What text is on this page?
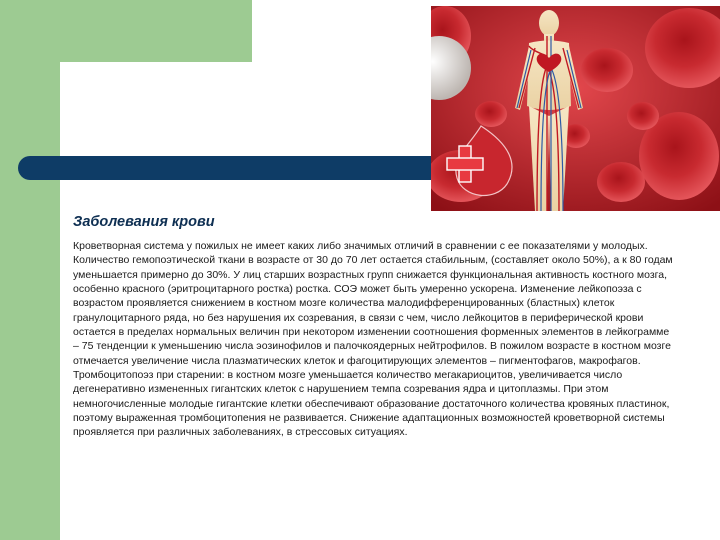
Заболевания крови

Кроветворная система у пожилых не имеет каких либо значимых отличий в сравнении с ее показателями у молодых. Количество гемопоэтической ткани в возрасте от 30 до 70 лет остается стабильным, (составляет около 50%), а к 80 годам уменьшается примерно до 30%. У лиц старших возрастных групп снижается функциональная активность костного мозга, особенно красного (эритроцитарного ростка) ростка. СОЭ может быть умеренно ускорена. Изменение лейкопоэза с возрастом проявляется снижением в костном мозге количества малодифференцированных (бластных) клеток гранулоцитарного ряда, но без нарушения их созревания, в связи с чем, число лейкоцитов в периферической крови остается в пределах нормальных величин при некотором изменении соотношения форменных элементов в лейкограмме – 75 тенденции к уменьшению числа эозинофилов и палочкоядерных нейтрофилов. В пожилом возрасте в костном мозге отмечается увеличение числа плазматических клеток и фагоцитирующих элементов – пигментофагов, макрофагов. Тромбоцитопоэз при старении: в костном мозге уменьшается количество мегакариоцитов, увеличивается число дегенеративно измененных гигантских клеток с нарушением темпа созревания ядра и цитоплазмы. При этом немногочисленные молодые гигантские клетки обеспечивают образование достаточного количества кровяных пластинок, поэтому выраженная тромбоцитопения не развивается. Снижение адаптационных возможностей кроветворной системы проявляется при различных заболеваниях, в стрессовых ситуациях.
